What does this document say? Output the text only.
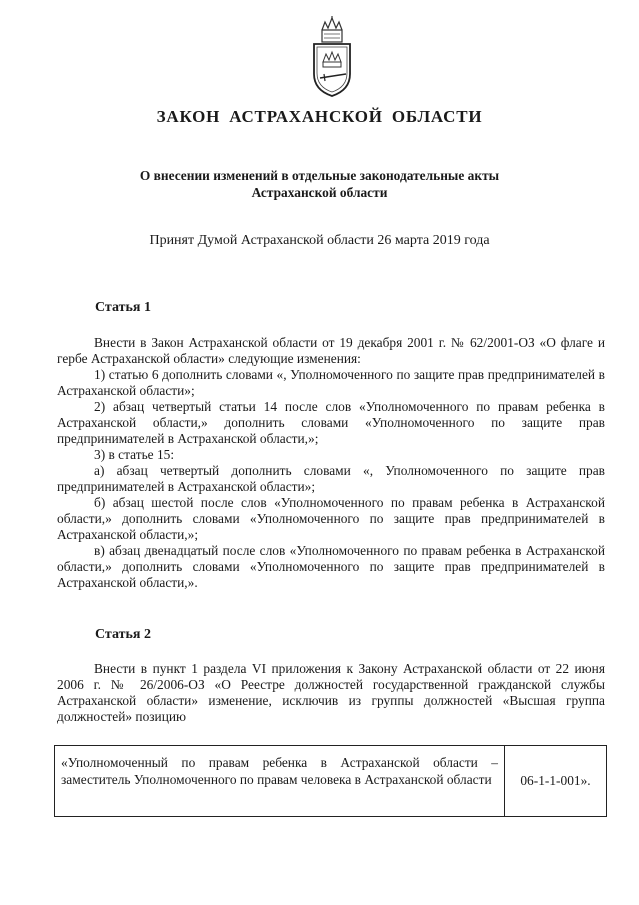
ЗАКОН АСТРАХАНСКОЙ ОБЛАСТИ
О внесении изменений в отдельные законодательные акты
Астраханской области
Принят Думой Астраханской области 26 марта 2019 года
Статья 1

Внести в Закон Астраханской области от 19 декабря 2001 г. № 62/2001-ОЗ «О флаге и гербе Астраханской области» следующие изменения:

1) статью 6 дополнить словами «, Уполномоченного по защите прав предпринимателей в Астраханской области»;

2) абзац четвертый статьи 14 после слов «Уполномоченного по правам ребенка в Астраханской области,» дополнить словами «Уполномоченного по защите прав предпринимателей в Астраханской области,»;

3) в статье 15:

а) абзац четвертый дополнить словами «, Уполномоченного по защите прав предпринимателей в Астраханской области»;

б) абзац шестой после слов «Уполномоченного по правам ребенка в Астраханской области,» дополнить словами «Уполномоченного по защите прав предпринимателей в Астраханской области,»;

в) абзац двенадцатый после слов «Уполномоченного по правам ребенка в Астраханской области,» дополнить словами «Уполномоченного по защите прав предпринимателей в Астраханской области,».

Статья 2

Внести в пункт 1 раздела VI приложения к Закону Астраханской области от 22 июня 2006 г. № 26/2006-ОЗ «О Реестре должностей государственной гражданской службы Астраханской области» изменение, исключив из группы должностей «Высшая группа должностей» позицию

«Уполномоченный по правам ребенка в Астраханской области – заместитель Уполномоченного по правам человека в Астраханской области	06-1-1-001».
